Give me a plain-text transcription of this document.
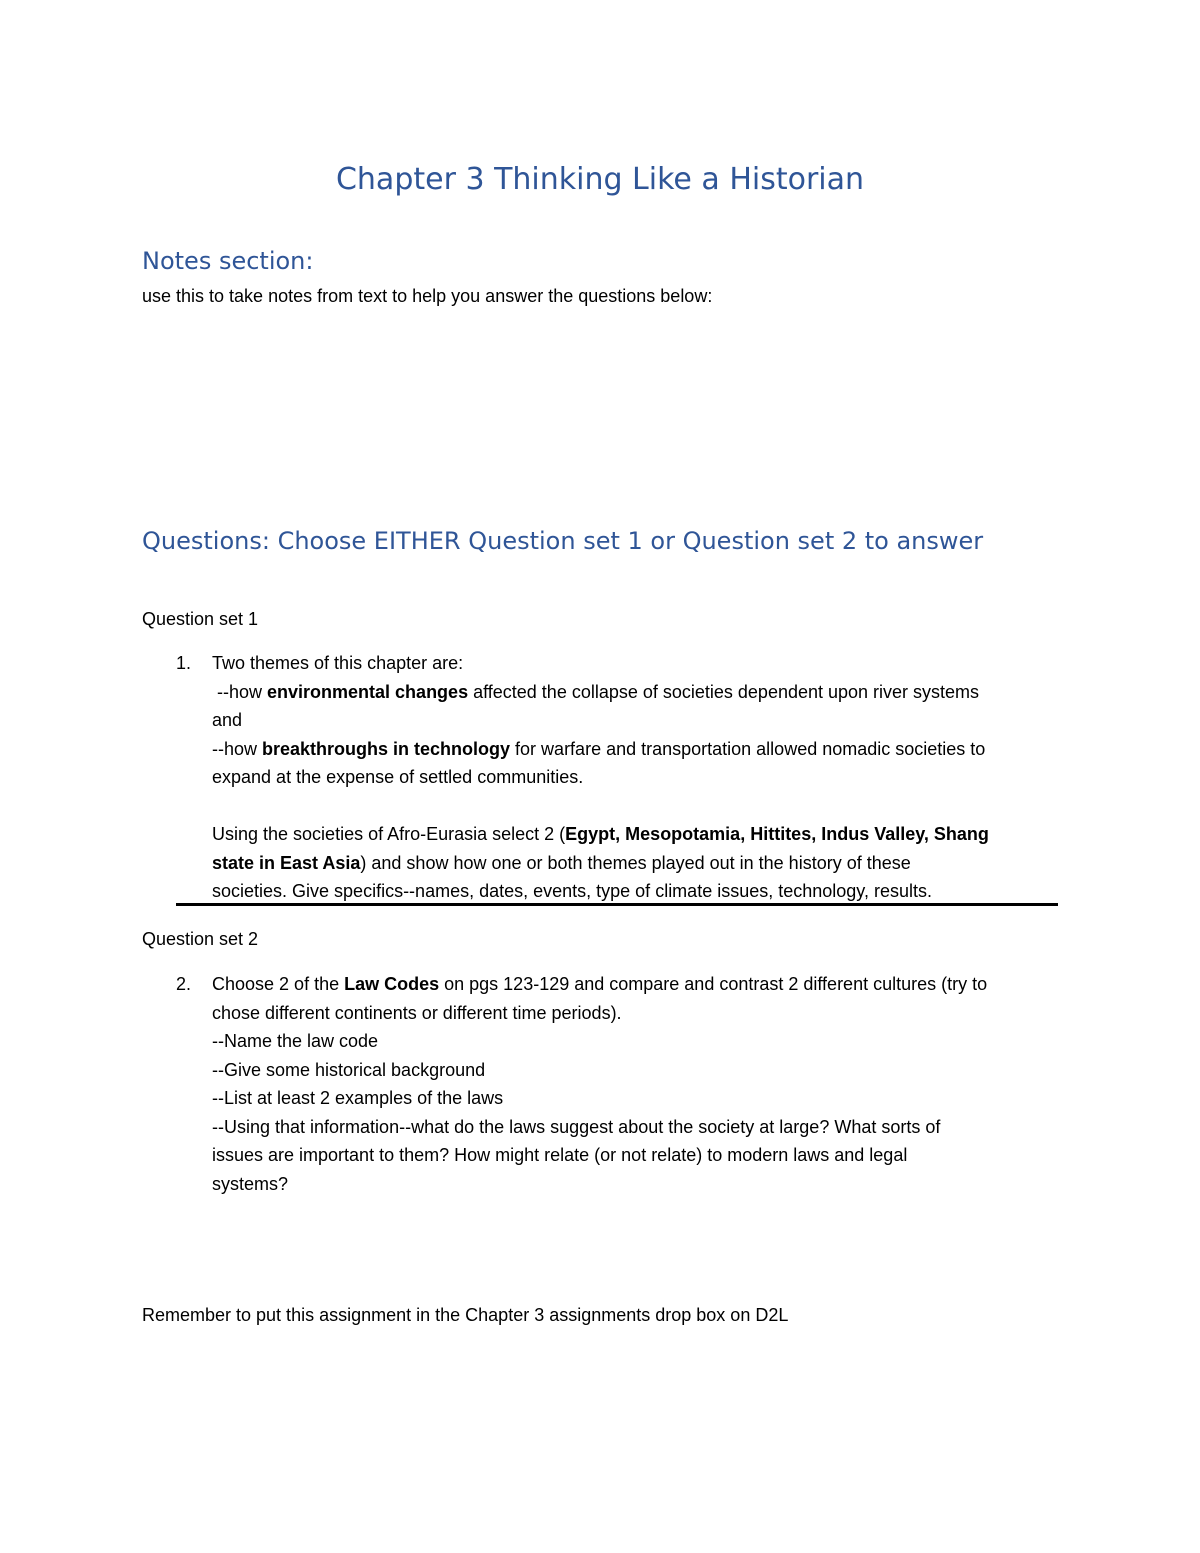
Chapter 3 Thinking Like a Historian
Notes section:
use this to take notes from text to help you answer the questions below:
Questions: Choose EITHER Question set 1 or Question set 2 to answer
Question set 1
1. Two themes of this chapter are:
--how environmental changes affected the collapse of societies dependent upon river systems
and
--how breakthroughs in technology for warfare and transportation allowed nomadic societies to
expand at the expense of settled communities.
Using the societies of Afro-Eurasia select 2 (Egypt, Mesopotamia, Hittites, Indus Valley, Shang
state in East Asia) and show how one or both themes played out in the history of these
societies. Give specifics--names, dates, events, type of climate issues, technology, results.
Question set 2
2. Choose 2 of the Law Codes on pgs 123-129 and compare and contrast 2 different cultures (try to
chose different continents or different time periods).
--Name the law code
--Give some historical background
--List at least 2 examples of the laws
--Using that information--what do the laws suggest about the society at large? What sorts of
issues are important to them? How might relate (or not relate) to modern laws and legal
systems?
Remember to put this assignment in the Chapter 3 assignments drop box on D2L
